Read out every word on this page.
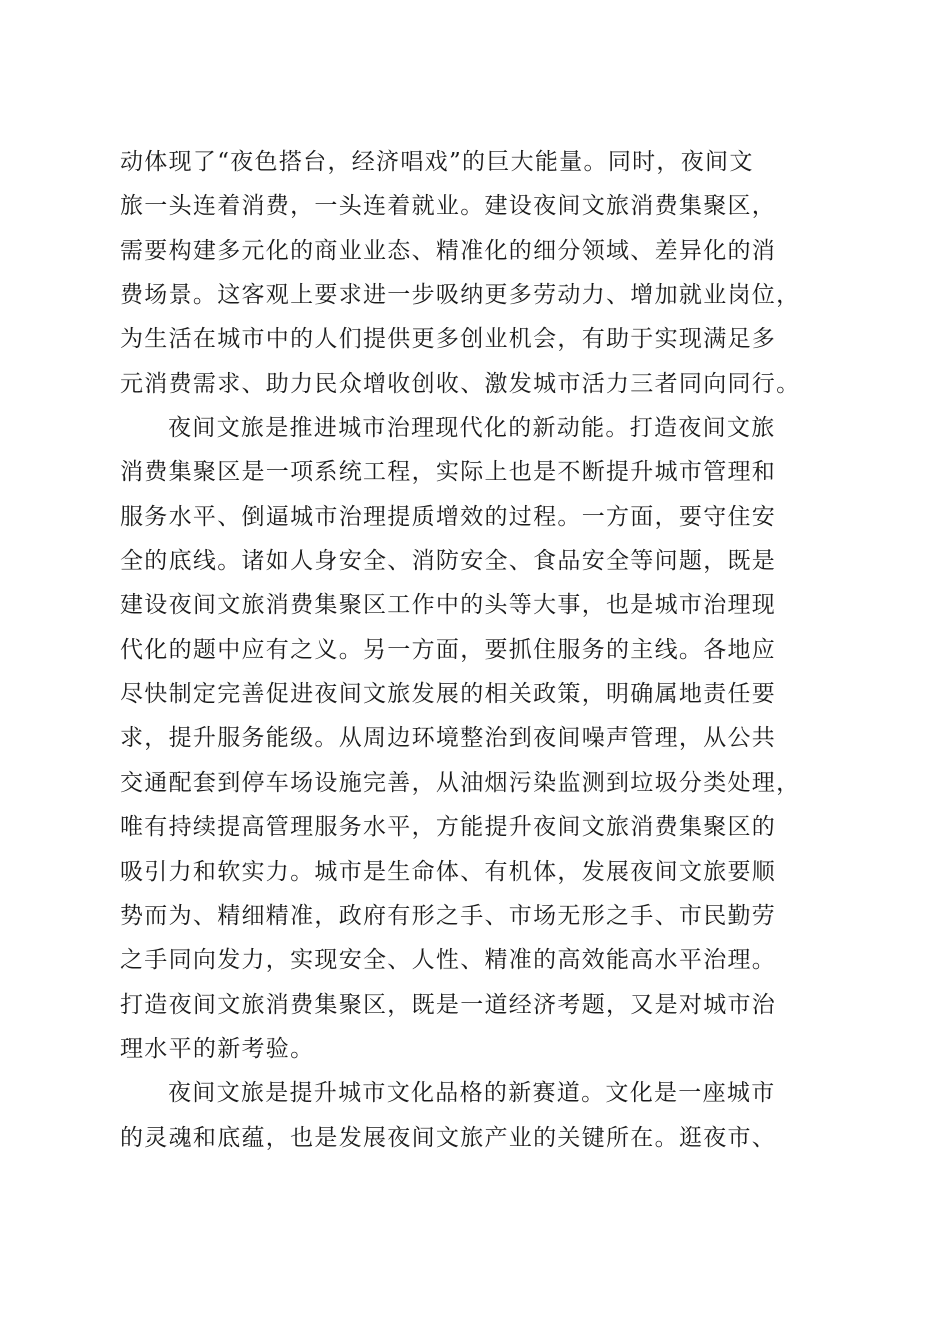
动体现了“夜色搭台，经济唱戏”的巨大能量。同时，夜间文
旅一头连着消费，一头连着就业。建设夜间文旅消费集聚区，
需要构建多元化的商业业态、精准化的细分领域、差异化的消
费场景。这客观上要求进一步吸纳更多劳动力、增加就业岗位，
为生活在城市中的人们提供更多创业机会，有助于实现满足多
元消费需求、助力民众增收创收、激发城市活力三者同向同行。
夜间文旅是推进城市治理现代化的新动能。打造夜间文旅
消费集聚区是一项系统工程，实际上也是不断提升城市管理和
服务水平、倒逼城市治理提质增效的过程。一方面，要守住安
全的底线。诸如人身安全、消防安全、食品安全等问题，既是
建设夜间文旅消费集聚区工作中的头等大事，也是城市治理现
代化的题中应有之义。另一方面，要抓住服务的主线。各地应
尽快制定完善促进夜间文旅发展的相关政策，明确属地责任要
求，提升服务能级。从周边环境整治到夜间噪声管理，从公共
交通配套到停车场设施完善，从油烟污染监测到垃圾分类处理，
唯有持续提高管理服务水平，方能提升夜间文旅消费集聚区的
吸引力和软实力。城市是生命体、有机体，发展夜间文旅要顺
势而为、精细精准，政府有形之手、市场无形之手、市民勤劳
之手同向发力，实现安全、人性、精准的高效能高水平治理。
打造夜间文旅消费集聚区，既是一道经济考题，又是对城市治
理水平的新考验。
夜间文旅是提升城市文化品格的新赛道。文化是一座城市
的灵魂和底蕴，也是发展夜间文旅产业的关键所在。逛夜市、
